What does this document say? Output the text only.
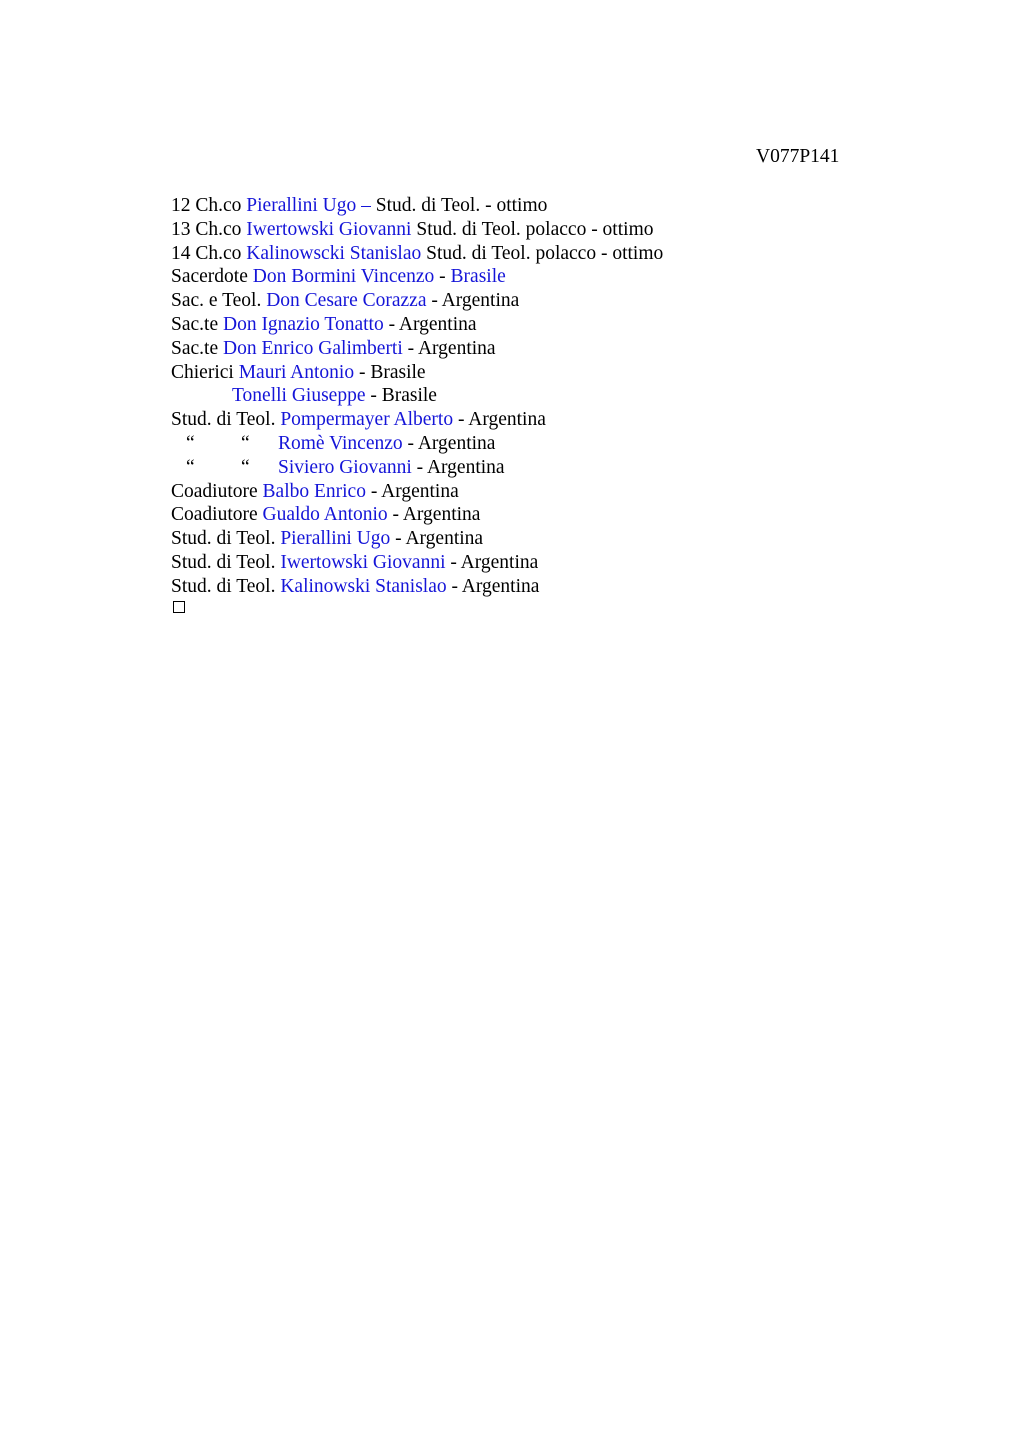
V077P141
12 Ch.co Pierallini Ugo – Stud. di Teol. - ottimo
13 Ch.co Iwertowski Giovanni Stud. di Teol. polacco - ottimo
14 Ch.co Kalinowscki Stanislao Stud. di Teol. polacco - ottimo
Sacerdote Don Bormini Vincenzo - Brasile
Sac. e Teol. Don Cesare Corazza - Argentina
Sac.te Don Ignazio Tonatto - Argentina
Sac.te Don Enrico Galimberti - Argentina
Chierici Mauri Antonio - Brasile
Tonelli Giuseppe - Brasile
Stud. di Teol. Pompermayer Alberto - Argentina
“ “ Romè Vincenzo - Argentina
“ “ Siviero Giovanni - Argentina
Coadiutore Balbo Enrico - Argentina
Coadiutore Gualdo Antonio - Argentina
Stud. di Teol. Pierallini Ugo - Argentina
Stud. di Teol. Iwertowski Giovanni - Argentina
Stud. di Teol. Kalinowski Stanislao - Argentina
